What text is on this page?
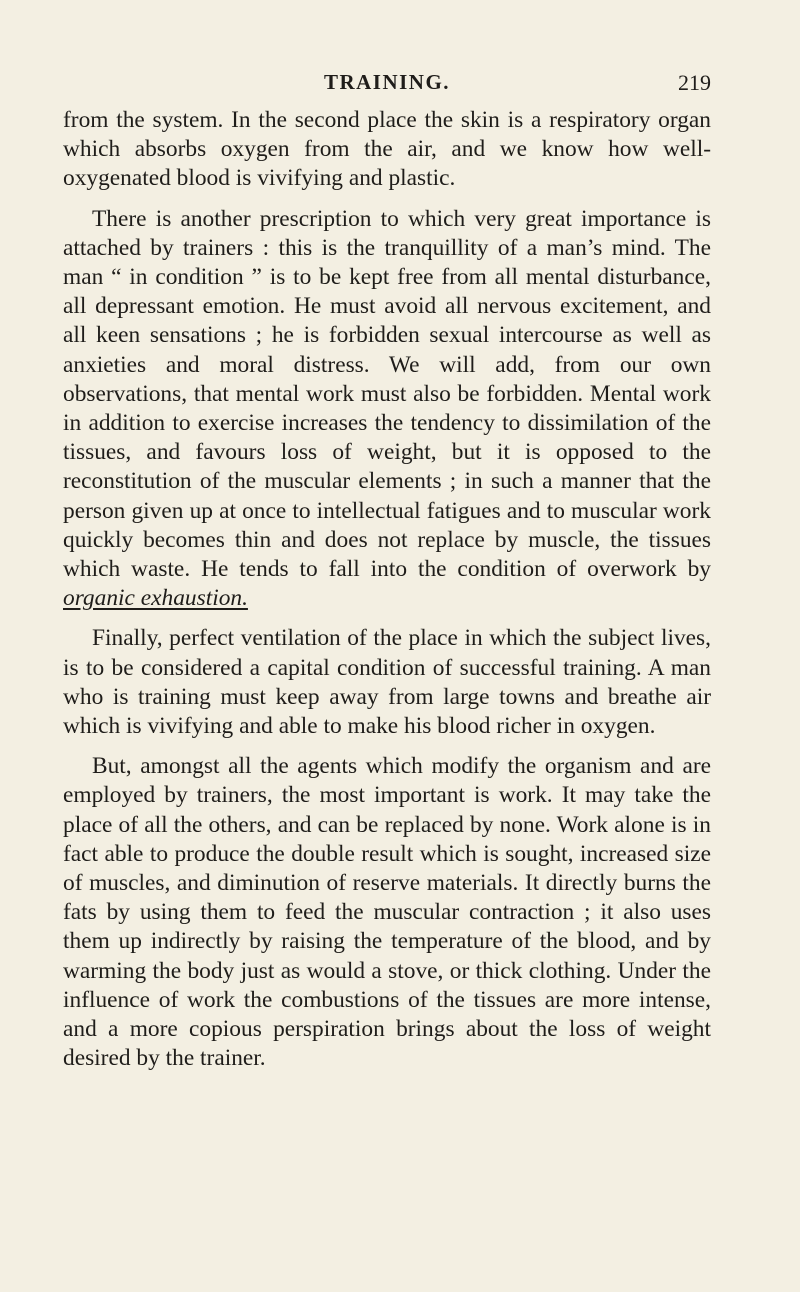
TRAINING.	219

from the system. In the second place the skin is a respiratory organ which absorbs oxygen from the air, and we know how well-oxygenated blood is vivifying and plastic.

There is another prescription to which very great importance is attached by trainers : this is the tranquillity of a man’s mind. The man “ in condition ” is to be kept free from all mental disturbance, all depressant emotion. He must avoid all nervous excitement, and all keen sensations ; he is forbidden sexual intercourse as well as anxieties and moral distress. We will add, from our own observations, that mental work must also be forbidden. Mental work in addition to exercise increases the tendency to dissimilation of the tissues, and favours loss of weight, but it is opposed to the reconstitution of the muscular elements ; in such a manner that the person given up at once to intellectual fatigues and to muscular work quickly becomes thin and does not replace by muscle, the tissues which waste. He tends to fall into the condition of overwork by organic exhaustion.

Finally, perfect ventilation of the place in which the subject lives, is to be considered a capital condition of successful training. A man who is training must keep away from large towns and breathe air which is vivifying and able to make his blood richer in oxygen.

But, amongst all the agents which modify the organism and are employed by trainers, the most important is work. It may take the place of all the others, and can be replaced by none. Work alone is in fact able to produce the double result which is sought, increased size of muscles, and diminution of reserve materials. It directly burns the fats by using them to feed the muscular contraction ; it also uses them up indirectly by raising the temperature of the blood, and by warming the body just as would a stove, or thick clothing. Under the influence of work the combustions of the tissues are more intense, and a more copious perspiration brings about the loss of weight desired by the trainer.
